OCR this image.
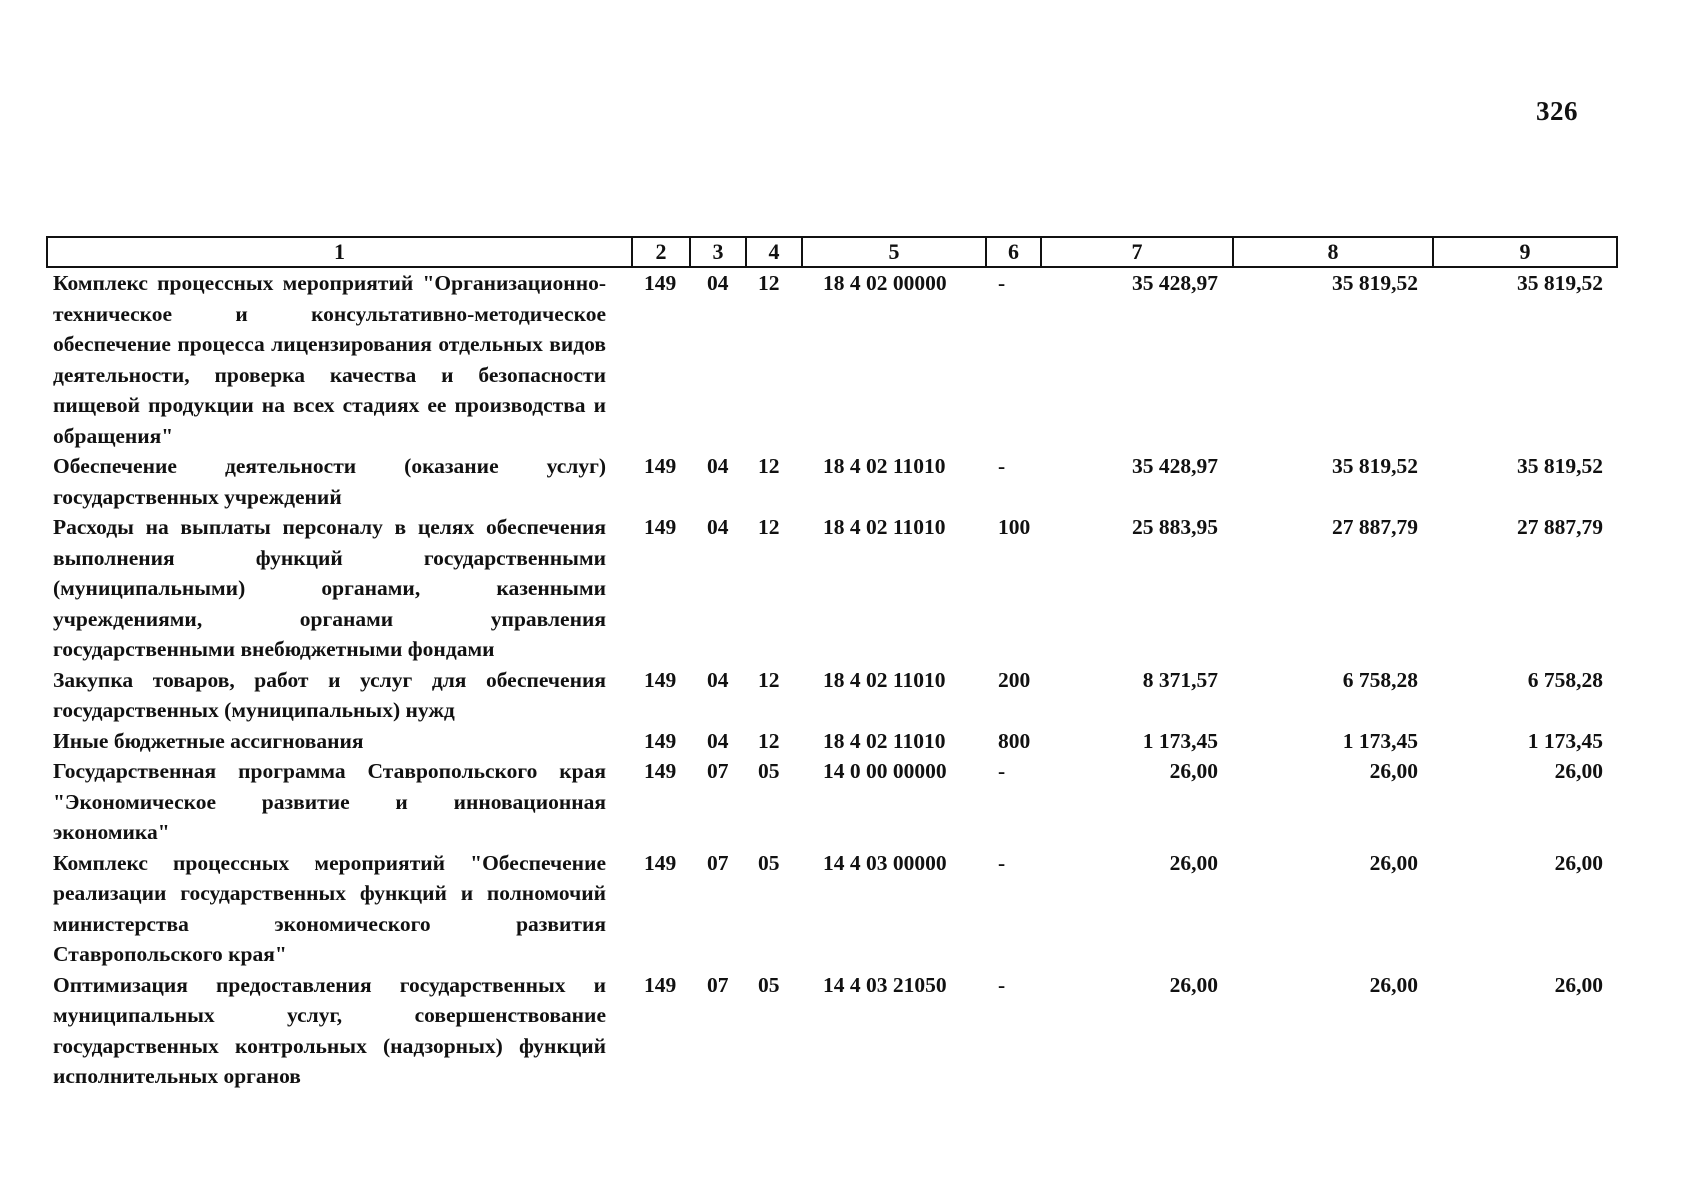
326
1	2	3	4	5	6	7	8	9
Комплекс процессных мероприятий "Организационно-техническое и консультативно-методическое обеспечение процесса лицензирования отдельных видов деятельности, проверка качества и безопасности пищевой продукции на всех стадиях ее производства и обращения"	149	04	12	18 4 02 00000	-	35 428,97	35 819,52	35 819,52
Обеспечение деятельности (оказание услуг) государственных учреждений	149	04	12	18 4 02 11010	-	35 428,97	35 819,52	35 819,52
Расходы на выплаты персоналу в целях обеспечения выполнения функций государственными (муниципальными) органами, казенными учреждениями, органами управления государственными внебюджетными фондами	149	04	12	18 4 02 11010	100	25 883,95	27 887,79	27 887,79
Закупка товаров, работ и услуг для обеспечения государственных (муниципальных) нужд	149	04	12	18 4 02 11010	200	8 371,57	6 758,28	6 758,28
Иные бюджетные ассигнования	149	04	12	18 4 02 11010	800	1 173,45	1 173,45	1 173,45
Государственная программа Ставропольского края "Экономическое развитие и инновационная экономика"	149	07	05	14 0 00 00000	-	26,00	26,00	26,00
Комплекс процессных мероприятий "Обеспечение реализации государственных функций и полномочий министерства экономического развития Ставропольского края"	149	07	05	14 4 03 00000	-	26,00	26,00	26,00
Оптимизация предоставления государственных и муниципальных услуг, совершенствование государственных контрольных (надзорных) функций исполнительных органов	149	07	05	14 4 03 21050	-	26,00	26,00	26,00
